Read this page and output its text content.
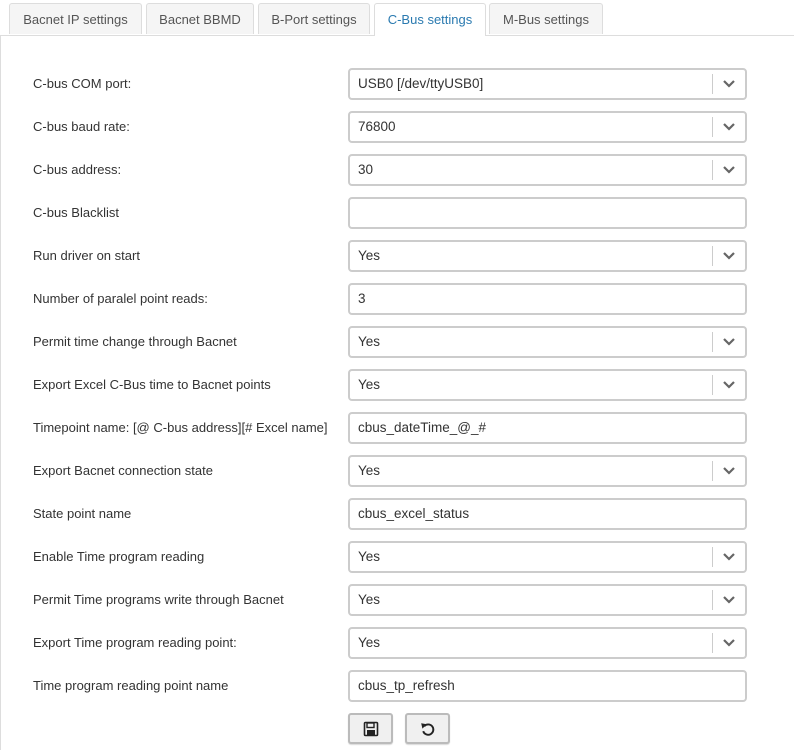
Bacnet IP settings	Bacnet BBMD	B-Port settings	C-Bus settings	M-Bus settings
C-bus COM port:	USB0 [/dev/ttyUSB0]
C-bus baud rate:	76800
C-bus address:	30
C-bus Blacklist
Run driver on start	Yes
Number of paralel point reads:	3
Permit time change through Bacnet	Yes
Export Excel C-Bus time to Bacnet points	Yes
Timepoint name: [@ C-bus address][# Excel name] cbus_dateTime_@_#
Export Bacnet connection state	Yes
State point name	cbus_excel_status
Enable Time program reading	Yes
Permit Time programs write through Bacnet	Yes
Export Time program reading point:	Yes
Time program reading point name	cbus_tp_refresh
